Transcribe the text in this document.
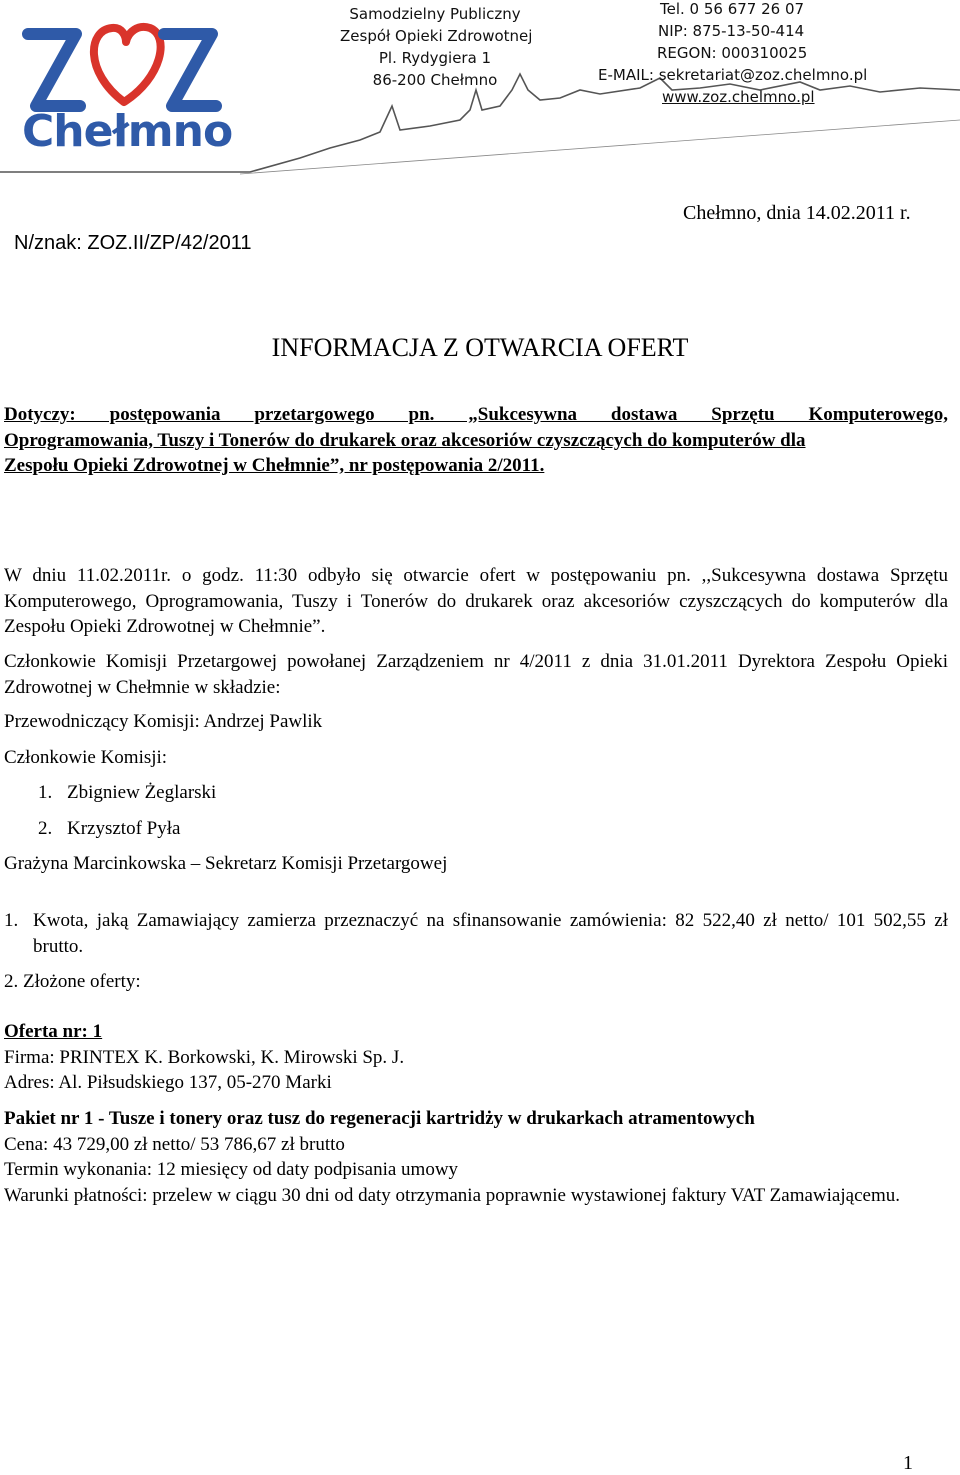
Chełmno
Samodzielny Publiczny
Zespół Opieki Zdrowotnej
Pl. Rydygiera 1
86-200 Chełmno
Tel. 0 56 677 26 07
NIP: 875-13-50-414
REGON: 000310025
E-MAIL: sekretariat@zoz.chelmno.pl
www.zoz.chelmno.pl
N/znak: ZOZ.II/ZP/42/2011
Chełmno, dnia 14.02.2011 r.
INFORMACJA Z OTWARCIA OFERT
Dotyczy: postępowania przetargowego pn. „Sukcesywna dostawa Sprzętu Komputerowego,
Oprogramowania, Tuszy i Tonerów do drukarek oraz akcesoriów czyszczących do komputerów dla
Zespołu Opieki Zdrowotnej w Chełmnie”, nr postępowania 2/2011.
W dniu 11.02.2011r. o godz. 11:30 odbyło się otwarcie ofert w postępowaniu pn. ,,Sukcesywna dostawa Sprzętu Komputerowego, Oprogramowania, Tuszy i Tonerów do drukarek oraz akcesoriów czyszczących do komputerów dla Zespołu Opieki Zdrowotnej w Chełmnie”.
Członkowie Komisji Przetargowej powołanej Zarządzeniem nr 4/2011 z dnia 31.01.2011 Dyrektora Zespołu Opieki Zdrowotnej w Chełmnie w składzie:
Przewodniczący Komisji: Andrzej Pawlik
Członkowie Komisji:
1. Zbigniew Żeglarski
2. Krzysztof Pyła
Grażyna Marcinkowska – Sekretarz Komisji Przetargowej
1. Kwota, jaką Zamawiający zamierza przeznaczyć na sfinansowanie zamówienia: 82 522,40 zł netto/ 101 502,55 zł brutto.
2. Złożone oferty:
Oferta nr: 1
Firma: PRINTEX K. Borkowski, K. Mirowski Sp. J.
Adres: Al. Piłsudskiego 137, 05-270 Marki
Pakiet nr 1 - Tusze i tonery oraz tusz do regeneracji kartridży w drukarkach atramentowych
Cena: 43 729,00 zł netto/ 53 786,67 zł brutto
Termin wykonania: 12 miesięcy od daty podpisania umowy
Warunki płatności: przelew w ciągu 30 dni od daty otrzymania poprawnie wystawionej faktury VAT Zamawiającemu.
1
